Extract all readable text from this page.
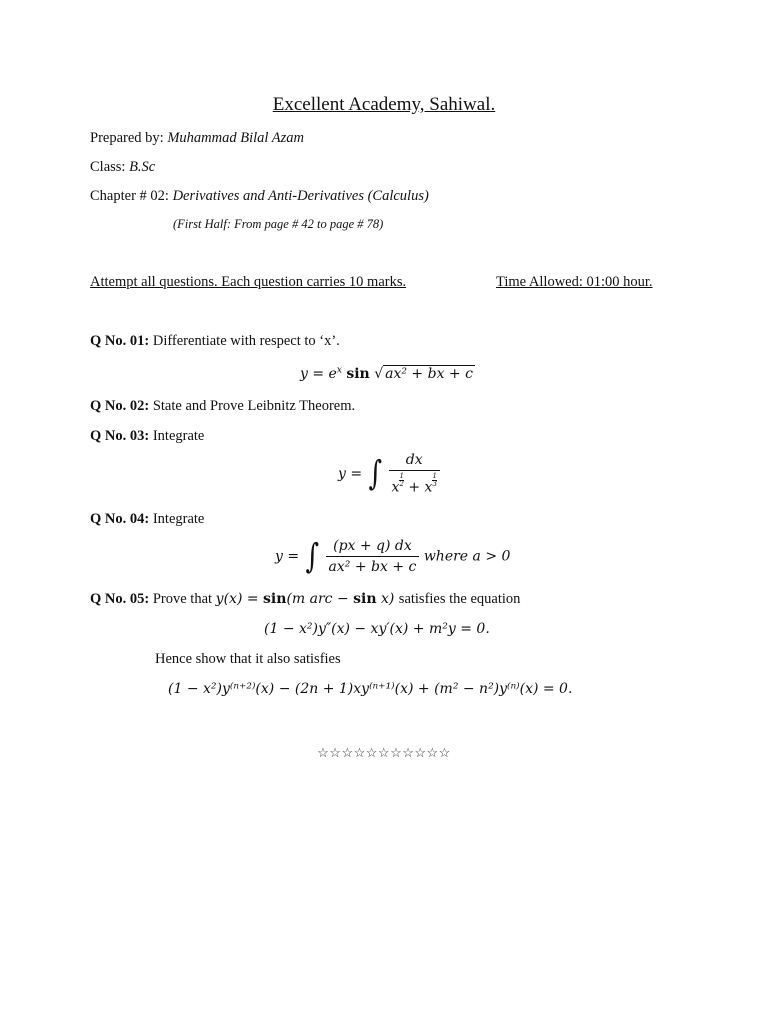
Excellent Academy, Sahiwal.
Prepared by: Muhammad Bilal Azam
Class: B.Sc
Chapter # 02: Derivatives and Anti-Derivatives (Calculus)
(First Half: From page # 42 to page # 78)
Attempt all questions. Each question carries 10 marks.	Time Allowed: 01:00 hour.
Q No. 01: Differentiate with respect to ‘x’.
$y = e^x$ sin √ ax² + bx + c
Q No. 02: State and Prove Leibnitz Theorem.
Q No. 03: Integrate
y = ∫ $\frac{dx}{x \frac{1}{2} + x \frac{1}{3}}$
Q No. 04: Integrate
y = ∫ $\frac{(px + q) dx}{\text{ax² + bx + c}}$ where a > 0
Q No. 05: Prove that y(x) = sin(m arc − sin x) satisfies the equation
(1 − x²)y″(x) − xy′(x) + m²y = 0.
Hence show that it also satisfies
(1 − x²)y⁽ⁿ⁺²⁾(x) − (2n + 1)xy⁽ⁿ⁺¹⁾(x) + (m² − n²)y⁽ⁿ⁾(x) = 0.
☆☆☆☆☆☆☆☆☆☆☆
